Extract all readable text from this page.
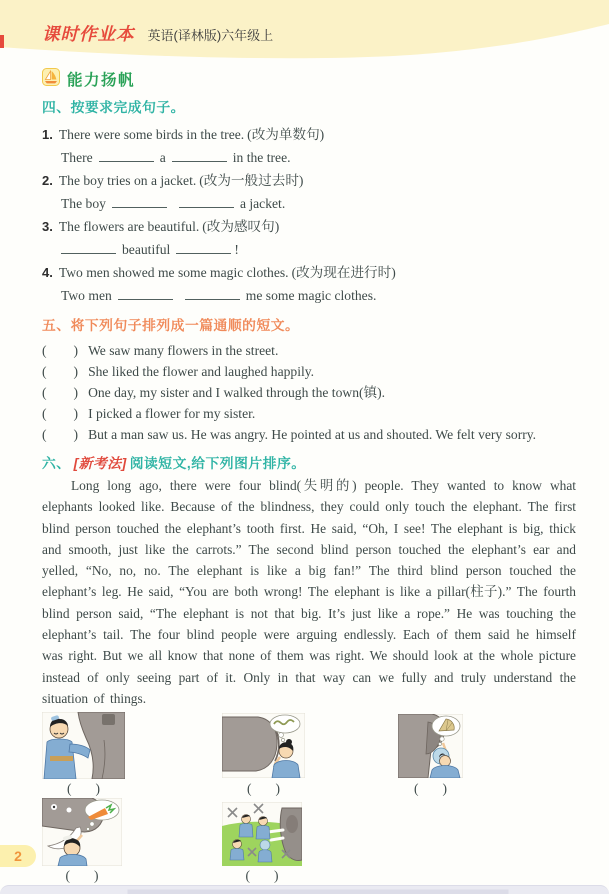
课时作业本 英语(译林版)六年级上
能力扬帆
四、按要求完成句子。
1. There were some birds in the tree. (改为单数句)
There	a	in the tree.
2. The boy tries on a jacket. (改为一般过去时)
The boy	a jacket.
3. The flowers are beautiful. (改为感叹句)
beautiful	!
4. Two men showed me some magic clothes. (改为现在进行时)
Two men	me some magic clothes.
五、将下列句子排列成一篇通顺的短文。
( ) We saw many flowers in the street.
( ) She liked the flower and laughed happily.
( ) One day, my sister and I walked through the town(镇).
( ) I picked a flower for my sister.
( ) But a man saw us. He was angry. He pointed at us and shouted. We felt very sorry.
六、 [新考法] 阅读短文,给下列图片排序。

Long long ago, there were four blind(失明的) people. They wanted to know what elephants looked like. Because of the blindness, they could only touch the elephant. The first blind person touched the elephant’s tooth first. He said, “Oh, I see! The elephant is big, thick and smooth, just like the carrots.” The second blind person touched the elephant’s ear and yelled, “No, no, no. The elephant is like a big fan!” The third blind person touched the elephant’s leg. He said, “You are both wrong! The elephant is like a pillar(柱子).” The fourth blind person said, “The elephant is not that big. It’s just like a rope.” He was touching the elephant’s tail. The four blind people were arguing endlessly. Each of them said he himself was right. But we all know that none of them was right. We should look at the whole picture instead of only seeing part of it. Only in that way can we fully and truly understand the situation of things.

( )	( )	( )
( )	( )
2
